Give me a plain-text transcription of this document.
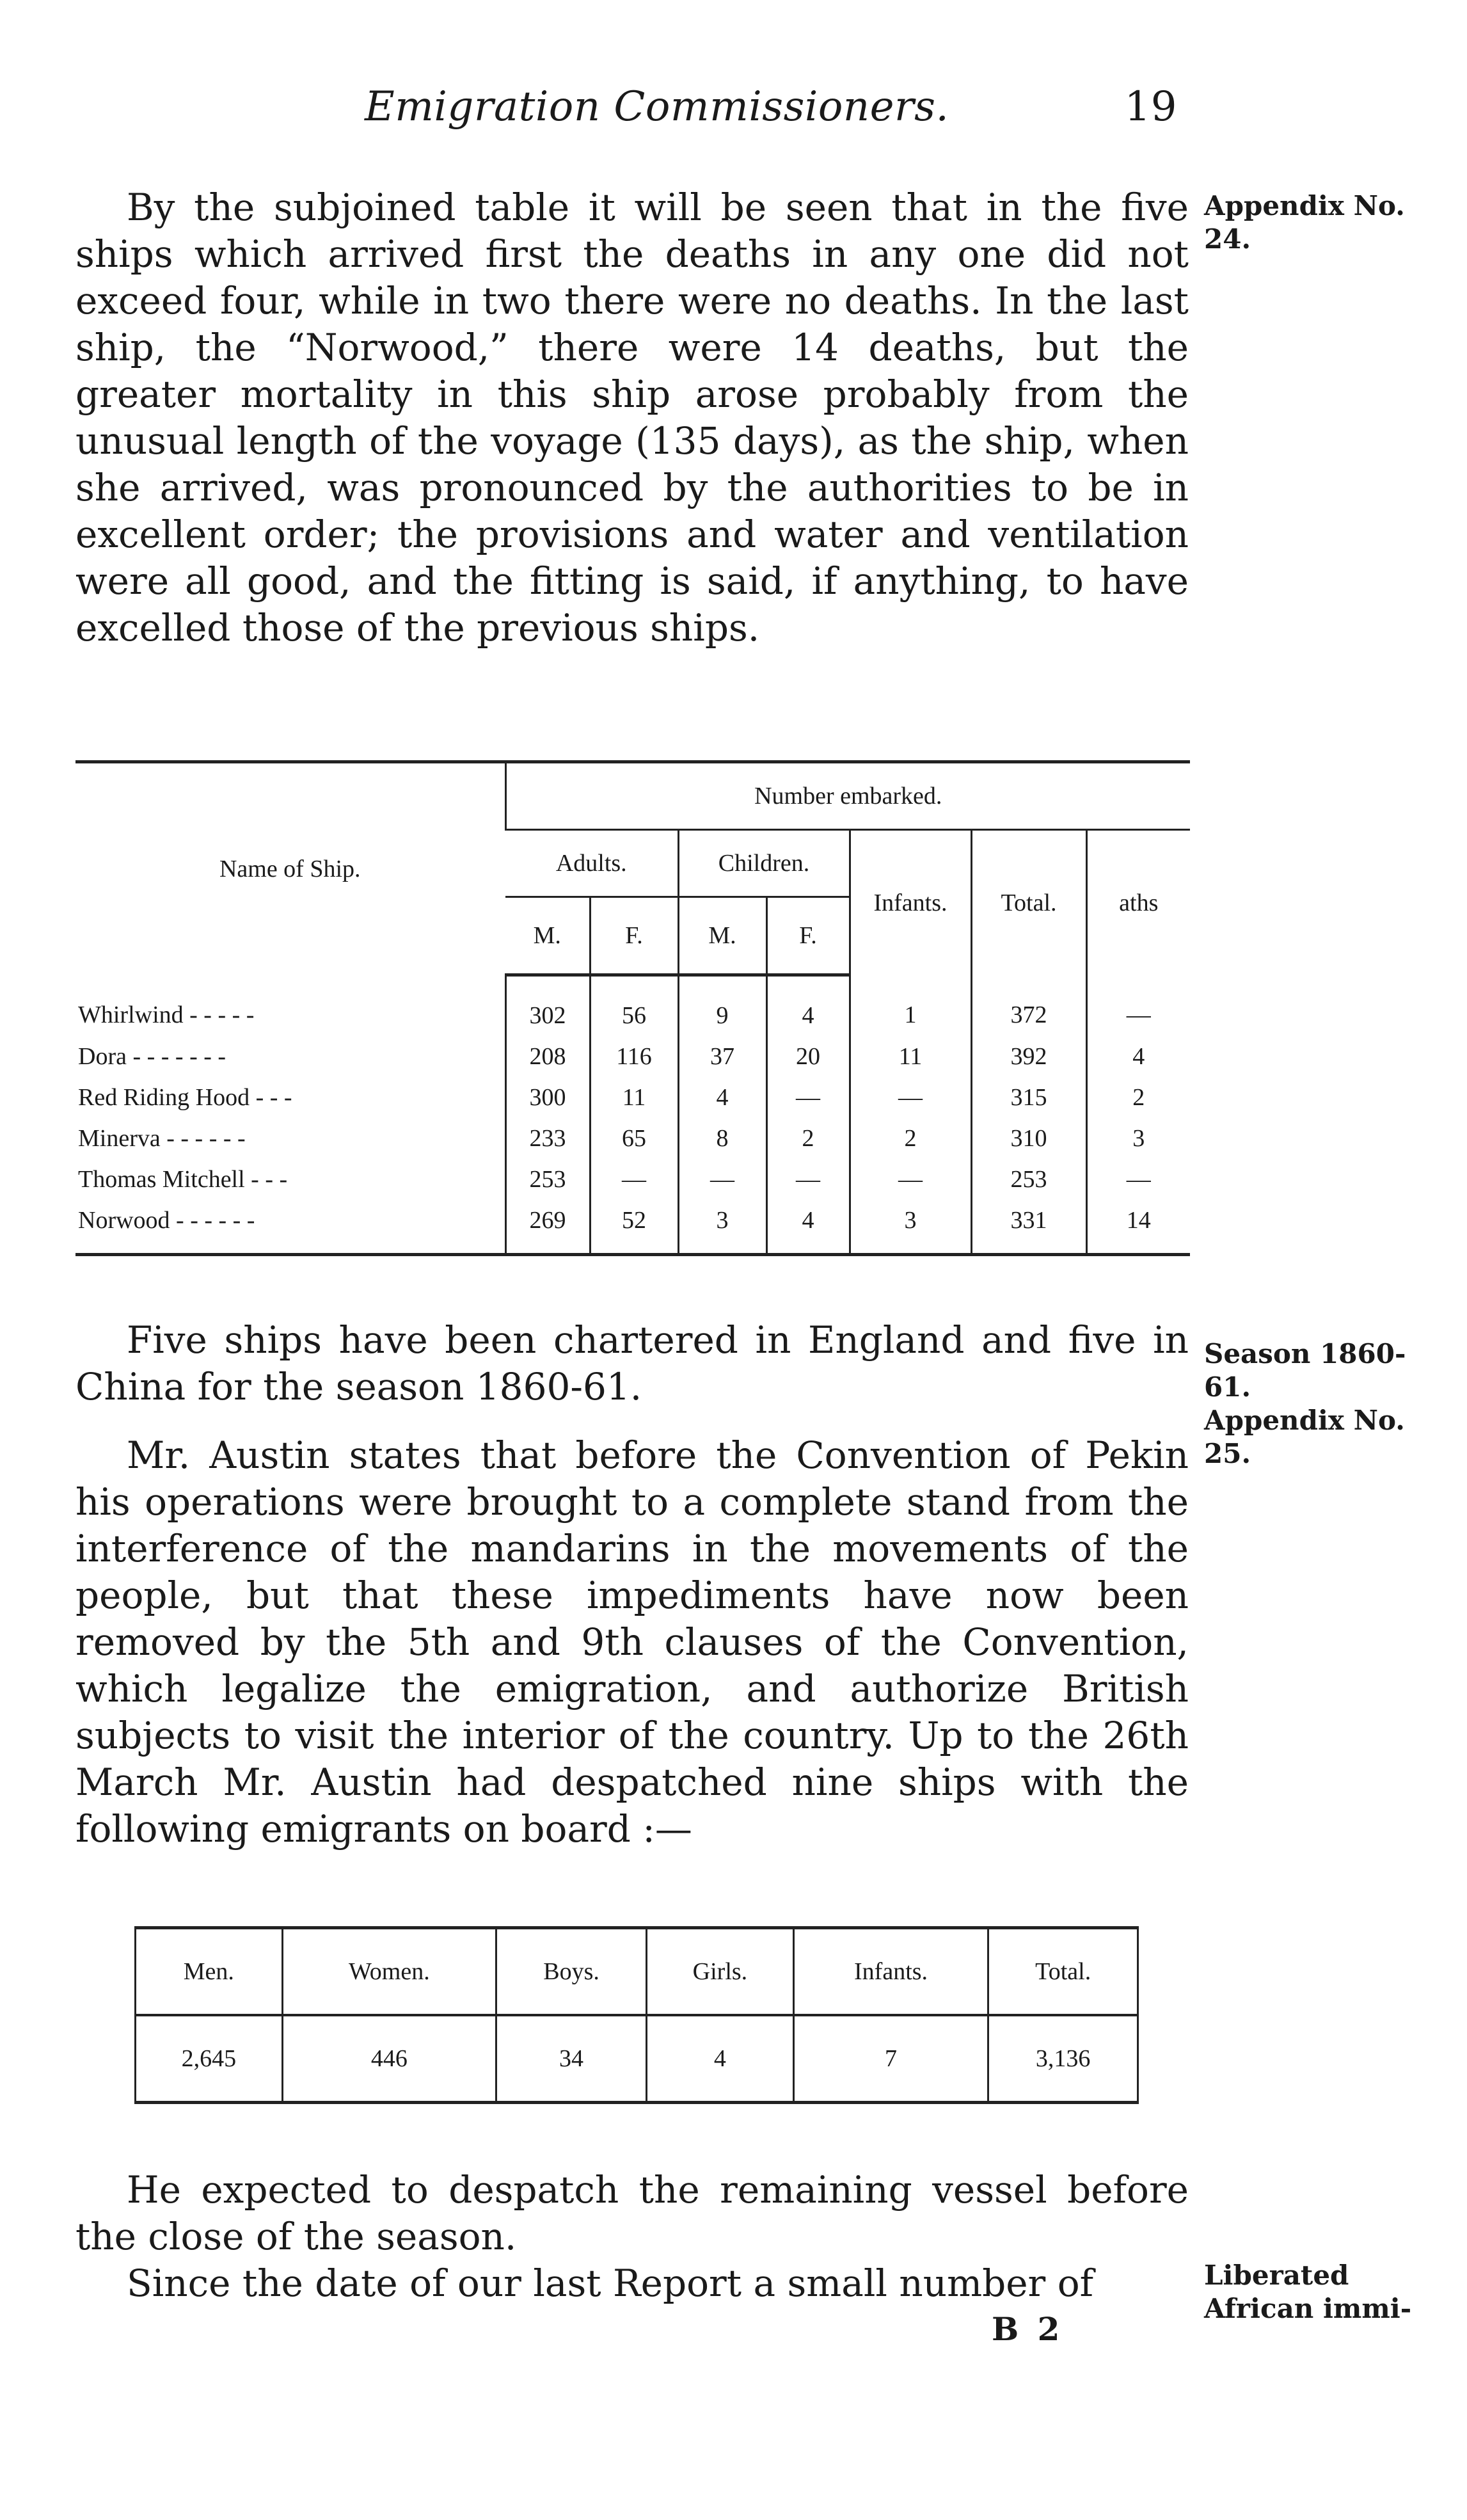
Emigration Commissioners.	19
By the subjoined table it will be seen that in the five ships which arrived first the deaths in any one did not exceed four, while in two there were no deaths. In the last ship, the “Norwood,” there were 14 deaths, but the greater mortality in this ship arose probably from the unusual length of the voyage (135 days), as the ship, when she arrived, was pronounced by the authorities to be in excellent order; the provisions and water and ventilation were all good, and the fitting is said, if anything, to have excelled those of the previous ships.
Appendix No. 24.
Name of Ship.	Number embarked.						
	Adults.		Children.		Infants.	Total.	aths
	M.	F.	M.	F.			
Whirlwind - - - - -	302	56	9	4	1	372	—
Dora - - - - - - -	208	116	37	20	11	392	4
Red Riding Hood - - -	300	11	4	—	—	315	2
Minerva - - - - - -	233	65	8	2	2	310	3
Thomas Mitchell - - -	253	—	—	—	—	253	—
Norwood - - - - - -	269	52	3	4	3	331	14
Five ships have been chartered in England and five in China for the season 1860-61.
Season 1860-61.
Appendix No. 25.
Mr. Austin states that before the Convention of Pekin his operations were brought to a complete stand from the interference of the mandarins in the movements of the people, but that these impediments have now been removed by the 5th and 9th clauses of the Convention, which legalize the emigration, and authorize British subjects to visit the interior of the country. Up to the 26th March Mr. Austin had despatched nine ships with the following emigrants on board :—
Men.	Women.	Boys.	Girls.	Infants.	Total.
2,645	446	34	4	7	3,136
He expected to despatch the remaining vessel before the close of the season.
Since the date of our last Report a small number of	Liberated African immi-
B 2
